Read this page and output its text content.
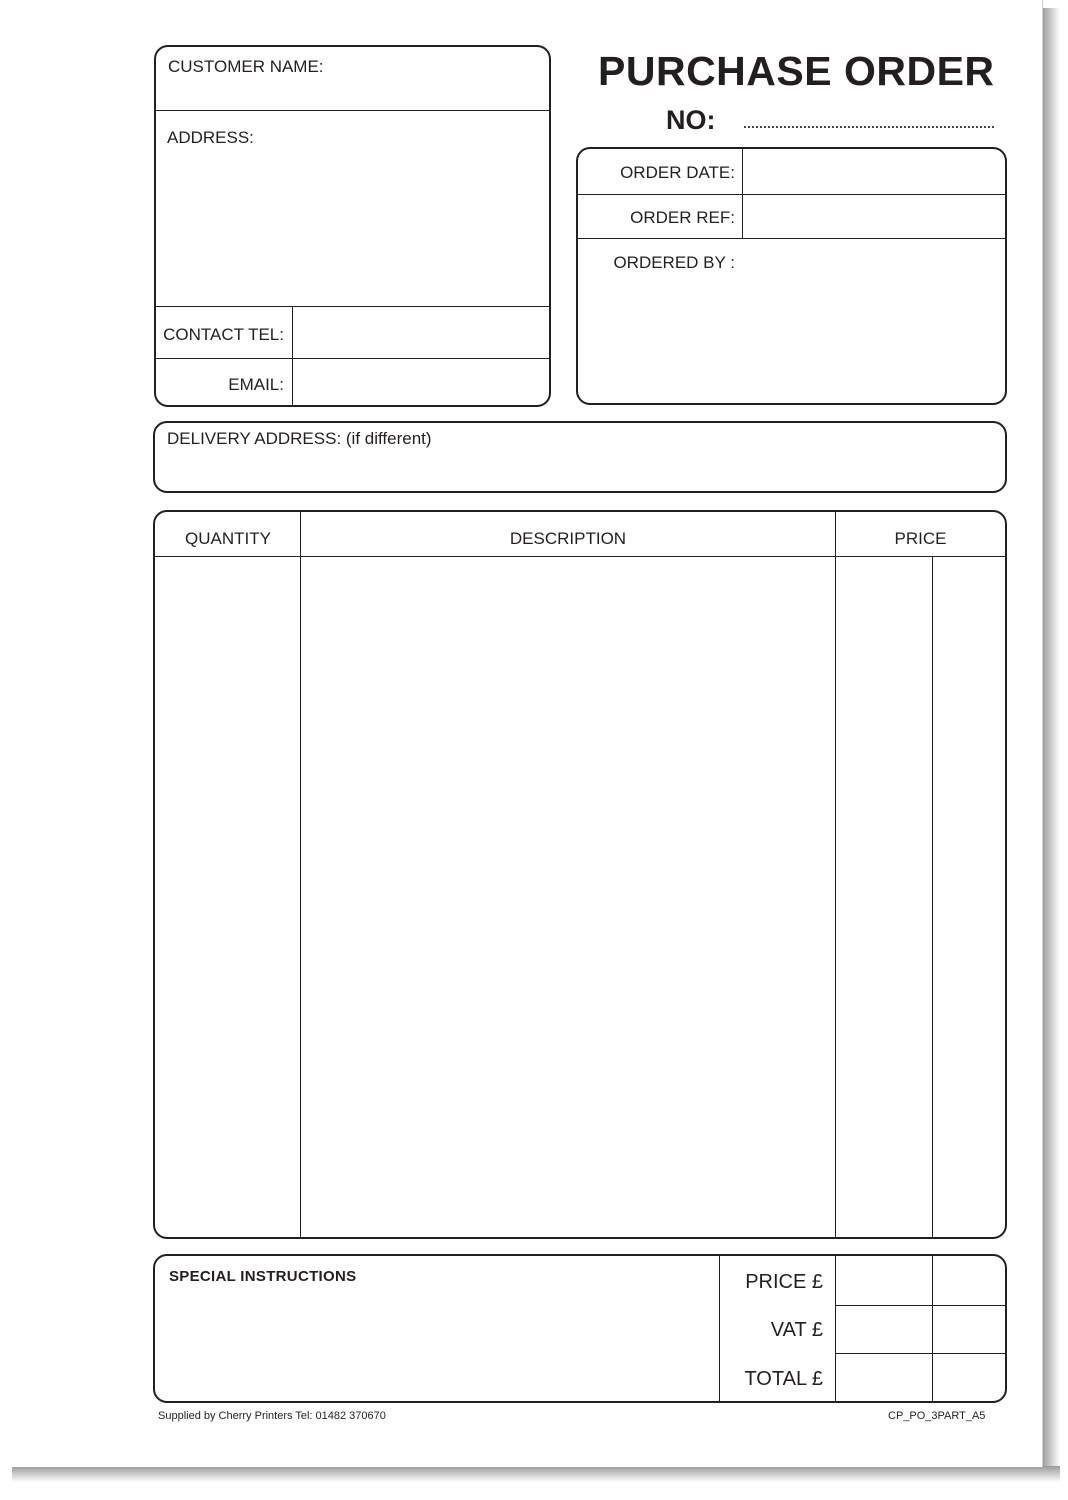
CUSTOMER NAME:
ADDRESS:
CONTACT TEL:
EMAIL:
PURCHASE ORDER
NO:
ORDER DATE:
ORDER REF:
ORDERED BY :
DELIVERY ADDRESS: (if different)
QUANTITY	DESCRIPTION	PRICE
SPECIAL INSTRUCTIONS	PRICE £
VAT £
TOTAL £
Supplied by Cherry Printers Tel: 01482 370670	CP_PO_3PART_A5
